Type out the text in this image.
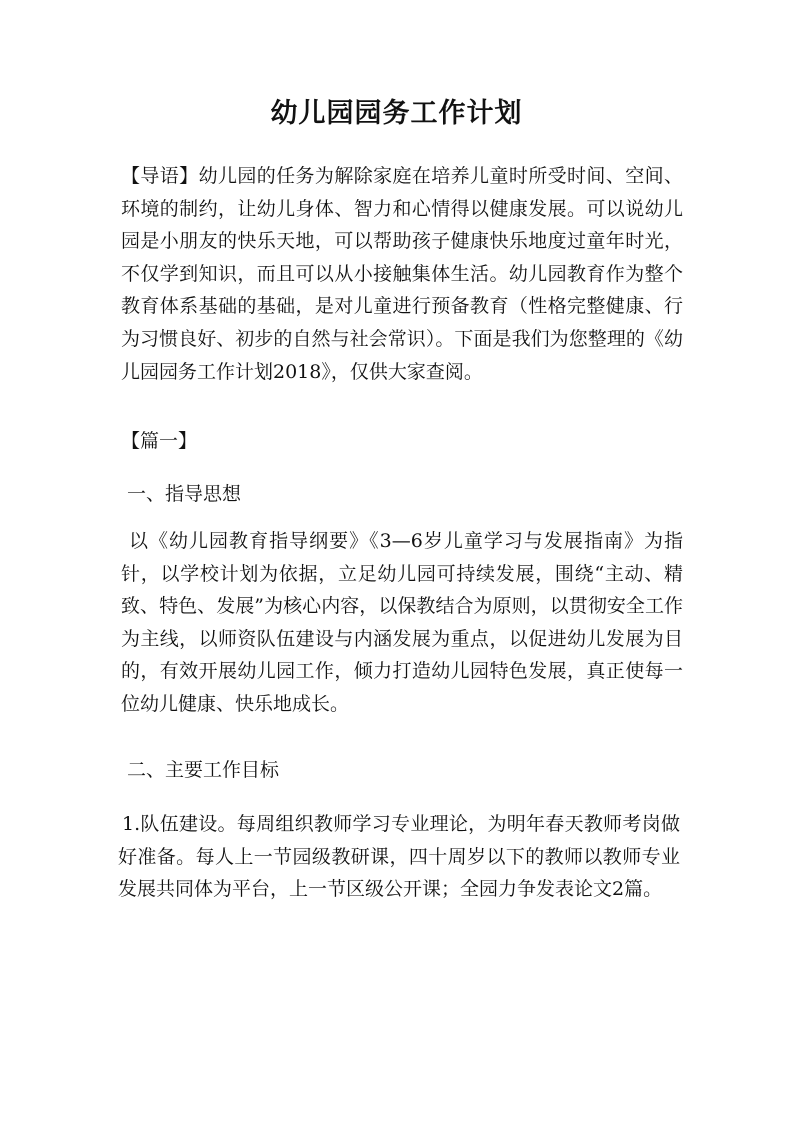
幼儿园园务工作计划

【导语】幼儿园的任务为解除家庭在培养儿童时所受时间、空间、环境的制约，让幼儿身体、智力和心情得以健康发展。可以说幼儿园是小朋友的快乐天地，可以帮助孩子健康快乐地度过童年时光，不仅学到知识，而且可以从小接触集体生活。幼儿园教育作为整个教育体系基础的基础，是对儿童进行预备教育（性格完整健康、行为习惯良好、初步的自然与社会常识）。下面是我们为您整理的《幼儿园园务工作计划2018》，仅供大家查阅。

【篇一】

一、指导思想

以《幼儿园教育指导纲要》《3—6岁儿童学习与发展指南》为指针，以学校计划为依据，立足幼儿园可持续发展，围绕“主动、精致、特色、发展”为核心内容，以保教结合为原则，以贯彻安全工作为主线，以师资队伍建设与内涵发展为重点，以促进幼儿发展为目的，有效开展幼儿园工作，倾力打造幼儿园特色发展，真正使每一位幼儿健康、快乐地成长。

二、主要工作目标

1.队伍建设。每周组织教师学习专业理论，为明年春天教师考岗做好准备。每人上一节园级教研课，四十周岁以下的教师以教师专业发展共同体为平台，上一节区级公开课；全园力争发表论文2篇。
